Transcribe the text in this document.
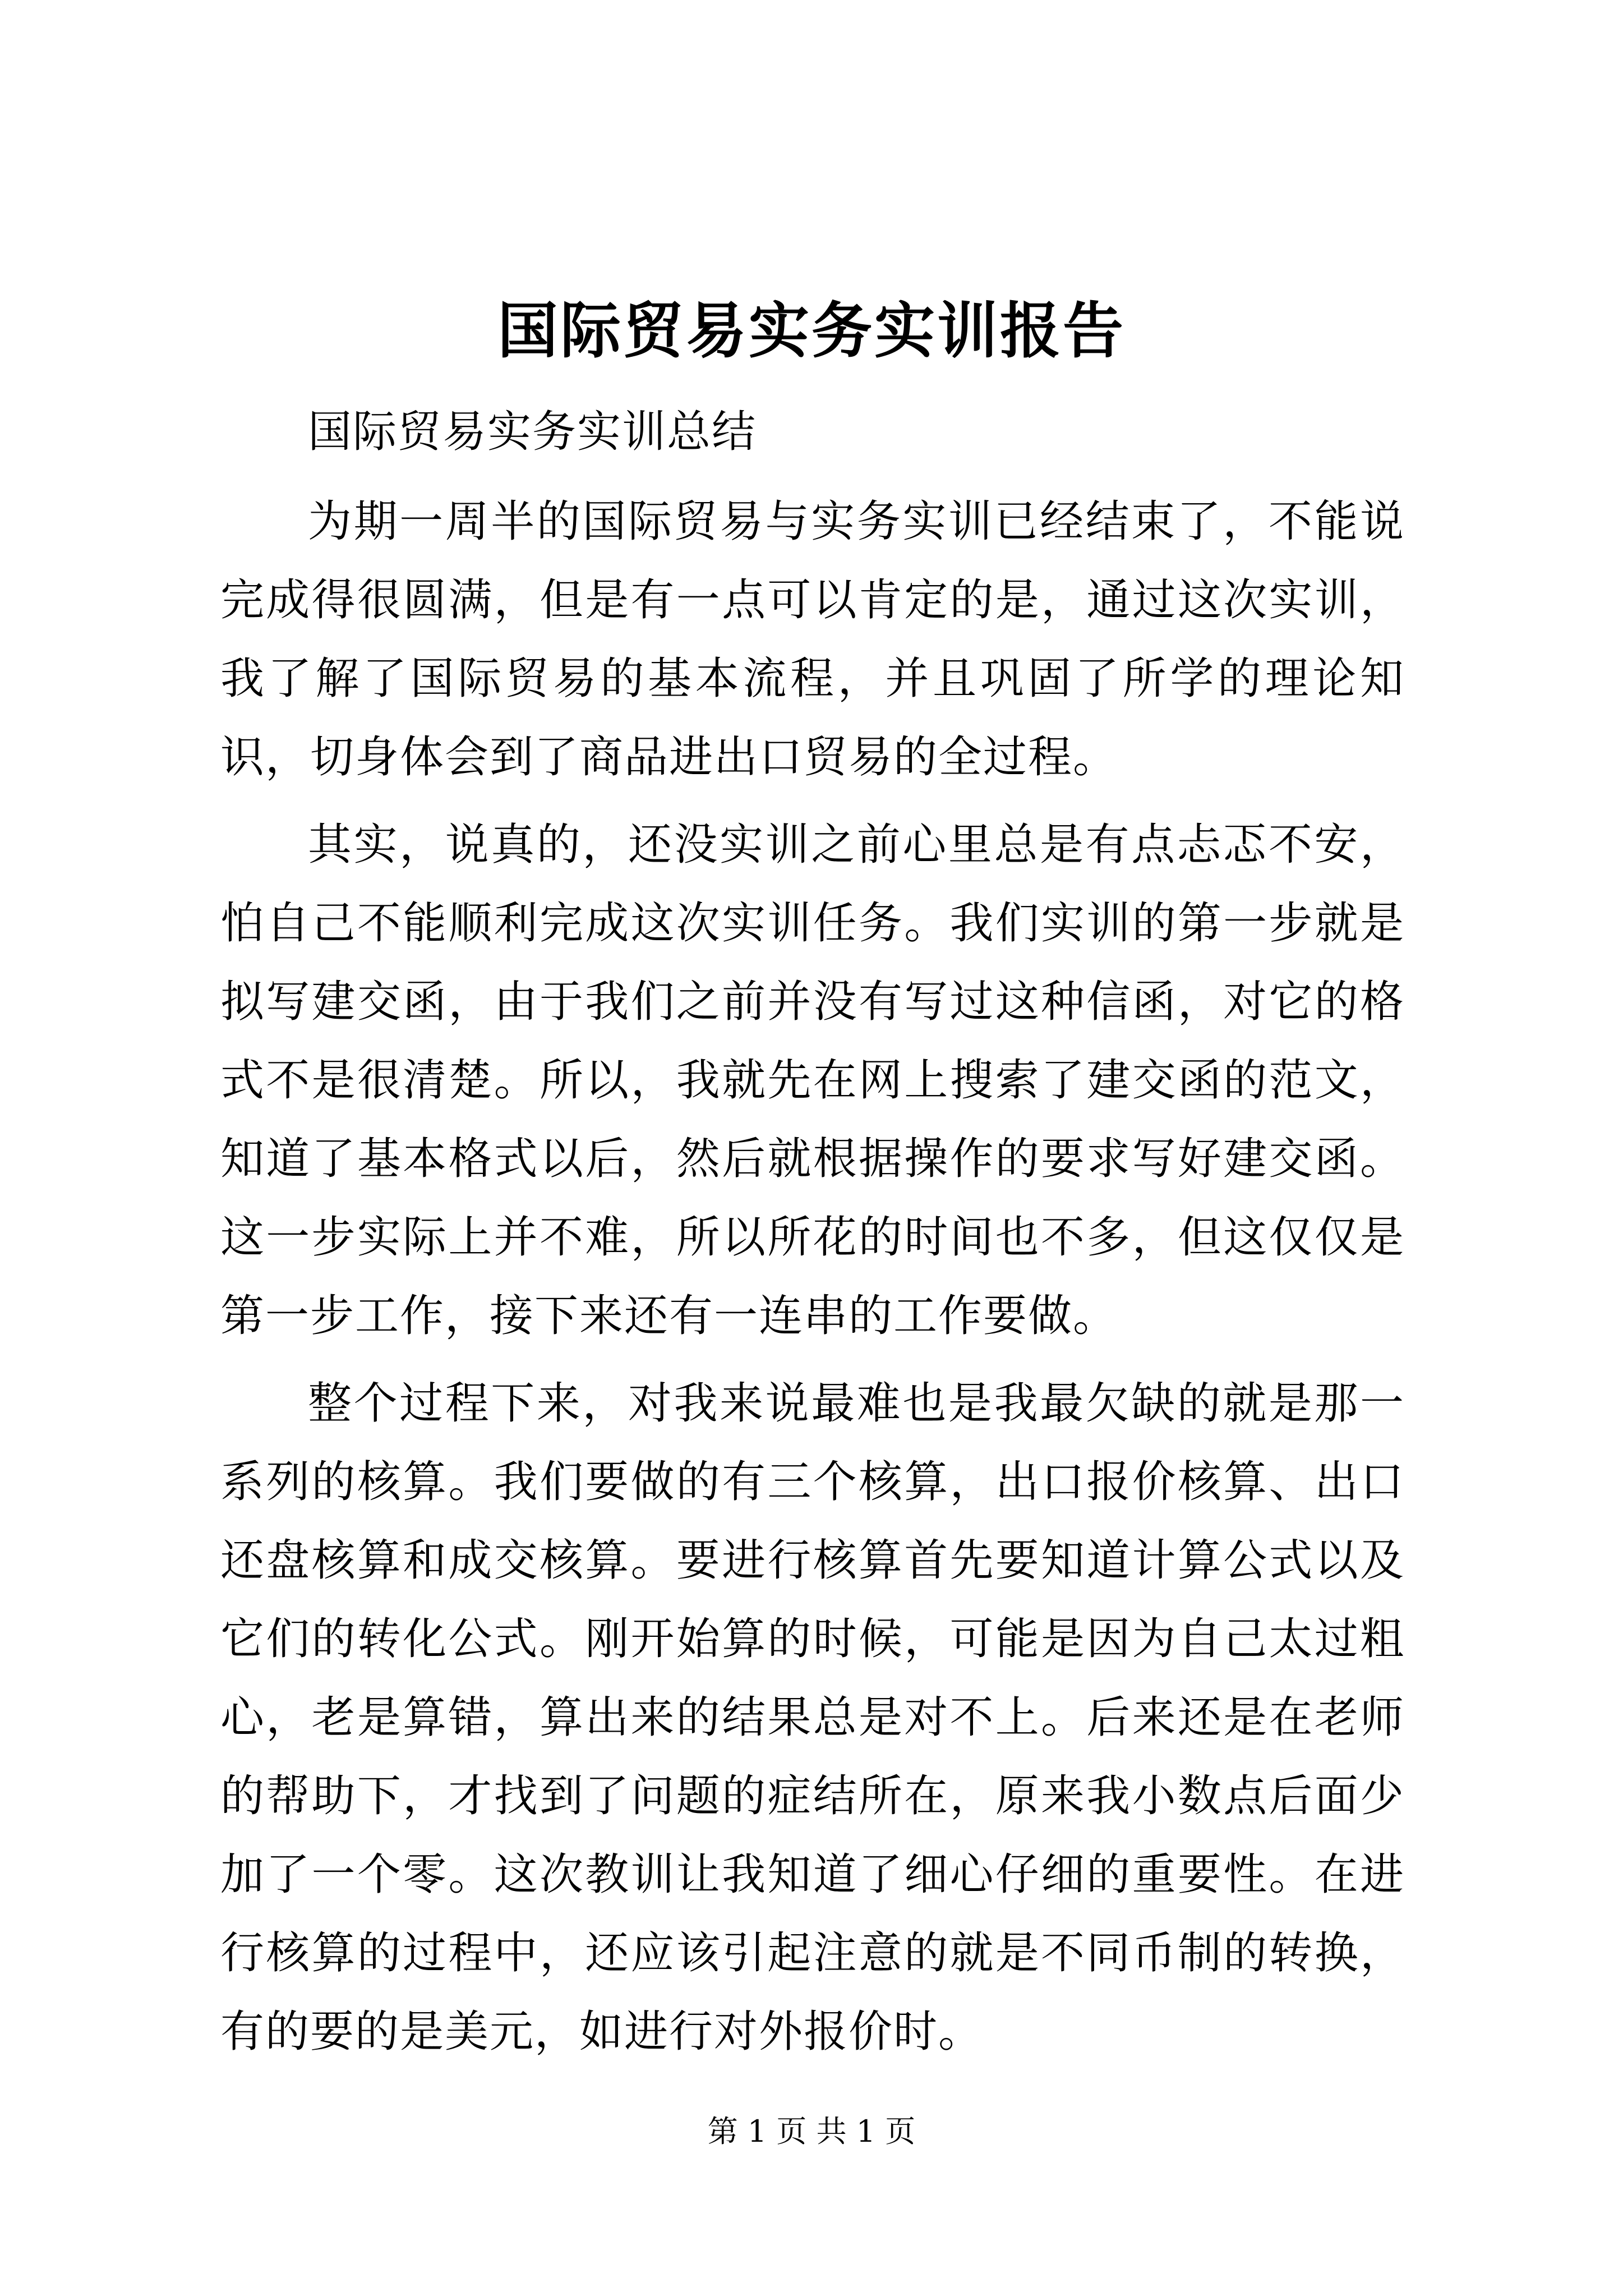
国际贸易实务实训报告

国际贸易实务实训总结

为期一周半的国际贸易与实务实训已经结束了，不能说完成得很圆满，但是有一点可以肯定的是，通过这次实训，我了解了国际贸易的基本流程，并且巩固了所学的理论知识，切身体会到了商品进出口贸易的全过程。

其实，说真的，还没实训之前心里总是有点忐忑不安，怕自己不能顺利完成这次实训任务。我们实训的第一步就是拟写建交函，由于我们之前并没有写过这种信函，对它的格式不是很清楚。所以，我就先在网上搜索了建交函的范文，知道了基本格式以后，然后就根据操作的要求写好建交函。这一步实际上并不难，所以所花的时间也不多，但这仅仅是第一步工作，接下来还有一连串的工作要做。

整个过程下来，对我来说最难也是我最欠缺的就是那一系列的核算。我们要做的有三个核算，出口报价核算、出口还盘核算和成交核算。要进行核算首先要知道计算公式以及它们的转化公式。刚开始算的时候，可能是因为自己太过粗心，老是算错，算出来的结果总是对不上。后来还是在老师的帮助下，才找到了问题的症结所在，原来我小数点后面少加了一个零。这次教训让我知道了细心仔细的重要性。在进行核算的过程中，还应该引起注意的就是不同币制的转换，有的要的是美元，如进行对外报价时。

第 1 页 共 1 页
